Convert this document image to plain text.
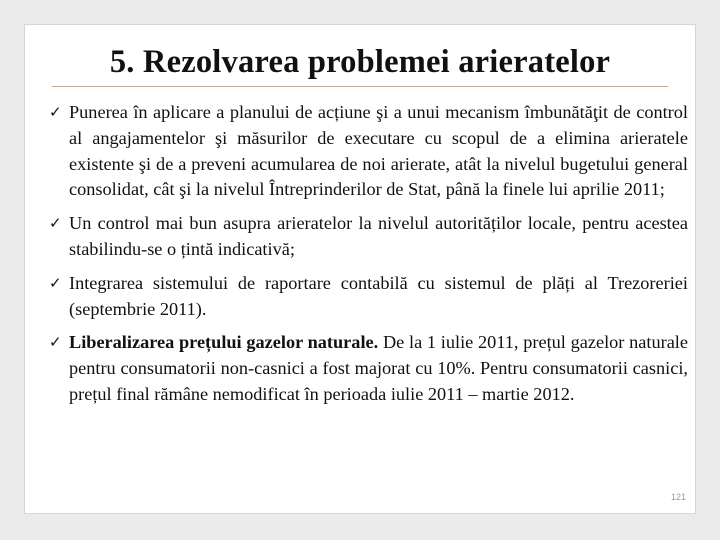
5. Rezolvarea problemei arieratelor
✓ Punerea în aplicare a planului de acțiune şi a unui mecanism îmbunătăţit de control al angajamentelor şi măsurilor de executare cu scopul de a elimina arieratele existente şi de a preveni acumularea de noi arierate, atât la nivelul bugetului general consolidat, cât şi la nivelul Întreprinderilor de Stat, până la finele lui aprilie 2011;
✓ Un control mai bun asupra arieratelor la nivelul autorităților locale, pentru acestea stabilindu-se o țintă indicativă;
✓ Integrarea sistemului de raportare contabilă cu sistemul de plăți al Trezoreriei (septembrie 2011).
✓ Liberalizarea prețului gazelor naturale. De la 1 iulie 2011, prețul gazelor naturale pentru consumatorii non-casnici a fost majorat cu 10%. Pentru consumatorii casnici, prețul final rămâne nemodificat în perioada iulie 2011 – martie 2012.
121
